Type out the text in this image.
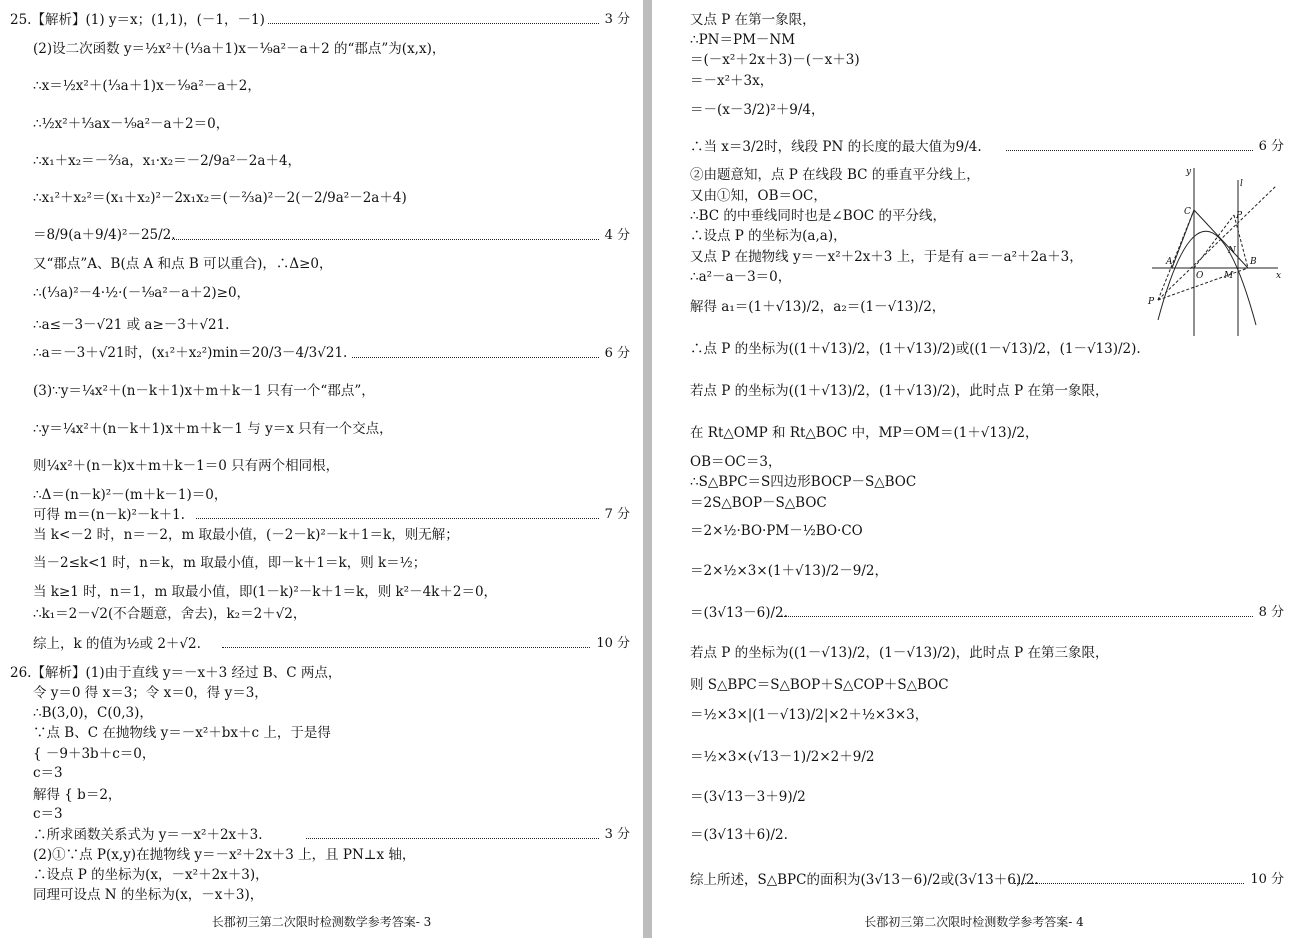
25.【解析】(1) y＝x；(1,1)，(－1，－1)
(2)设二次函数 y＝½x²＋(⅓a＋1)x－⅑a²－a＋2 的“郡点”为(x,x)，
∴x＝½x²＋(⅓a＋1)x－⅑a²－a＋2，
∴½x²＋⅓ax－⅑a²－a＋2＝0，
∴x₁＋x₂＝－⅔a，x₁·x₂＝－2/9a²－2a＋4，
∴x₁²＋x₂²＝(x₁＋x₂)²－2x₁x₂＝(－⅔a)²－2(－2/9a²－2a＋4)
＝8/9(a＋9/4)²－25/2.
又“郡点”A、B(点 A 和点 B 可以重合)，∴Δ≥0，
∴(⅓a)²－4·½·(－⅑a²－a＋2)≥0，
∴a≤－3－√21 或 a≥－3＋√21.
∴a＝－3＋√21时，(x₁²＋x₂²)min＝20/3－4/3√21.
(3)∵y＝¼x²＋(n－k＋1)x＋m＋k－1 只有一个“郡点”，
∴y＝¼x²＋(n－k＋1)x＋m＋k－1 与 y＝x 只有一个交点，
则¼x²＋(n－k)x＋m＋k－1＝0 只有两个相同根，
∴Δ＝(n－k)²－(m＋k－1)＝0，
可得 m＝(n－k)²－k＋1.
当 k<－2 时，n＝－2，m 取最小值，(－2－k)²－k＋1＝k，则无解；
当－2≤k<1 时，n＝k，m 取最小值，即－k＋1＝k，则 k＝½；
当 k≥1 时，n＝1，m 取最小值，即(1－k)²－k＋1＝k，则 k²－4k＋2＝0，
∴k₁＝2－√2(不合题意，舍去)，k₂＝2＋√2，
综上，k 的值为½或 2＋√2.
26.【解析】(1)由于直线 y＝－x＋3 经过 B、C 两点，
令 y＝0 得 x＝3；令 x＝0，得 y＝3，
∴B(3,0)，C(0,3)，
∵点 B、C 在抛物线 y＝－x²＋bx＋c 上，于是得
{ －9＋3b＋c＝0，
c＝3
解得 { b＝2，
c＝3
∴所求函数关系式为 y＝－x²＋2x＋3.
(2)①∵点 P(x,y)在抛物线 y＝－x²＋2x＋3 上，且 PN⊥x 轴，
∴设点 P 的坐标为(x，－x²＋2x＋3)，
同理可设点 N 的坐标为(x，－x＋3)，
3 分
4 分
6 分
7 分
10 分
3 分
长郡初三第二次限时检测数学参考答案- 3
又点 P 在第一象限，
∴PN＝PM－NM
＝(－x²＋2x＋3)－(－x＋3)
＝－x²＋3x，
＝－(x－3/2)²＋9/4，
∴当 x＝3/2时，线段 PN 的长度的最大值为9/4.
②由题意知，点 P 在线段 BC 的垂直平分线上，
又由①知，OB＝OC，
∴BC 的中垂线同时也是∠BOC 的平分线，
∴设点 P 的坐标为(a,a)，
又点 P 在抛物线 y＝－x²＋2x＋3 上，于是有 a＝－a²＋2a＋3，
∴a²－a－3＝0，
解得 a₁＝(1＋√13)/2，a₂＝(1－√13)/2，
∴点 P 的坐标为((1＋√13)/2，(1＋√13)/2)或((1－√13)/2，(1－√13)/2).
若点 P 的坐标为((1＋√13)/2，(1＋√13)/2)，此时点 P 在第一象限，
在 Rt△OMP 和 Rt△BOC 中，MP＝OM＝(1＋√13)/2，
OB＝OC＝3，
∴S△BPC＝S四边形BOCP－S△BOC
＝2S△BOP－S△BOC
＝2×½·BO·PM－½BO·CO
＝2×½×3×(1＋√13)/2－9/2，
＝(3√13－6)/2.
若点 P 的坐标为((1－√13)/2，(1－√13)/2)，此时点 P 在第三象限，
则 S△BPC＝S△BOP＋S△COP＋S△BOC
＝½×3×|(1－√13)/2|×2＋½×3×3，
＝½×3×(√13－1)/2×2＋9/2
＝(3√13－3＋9)/2
＝(3√13＋6)/2.
综上所述，S△BPC的面积为(3√13－6)/2或(3√13＋6)/2.
6 分
8 分
10 分
y
l
C	P
N
A
O M
B
x
P
长郡初三第二次限时检测数学参考答案- 4
